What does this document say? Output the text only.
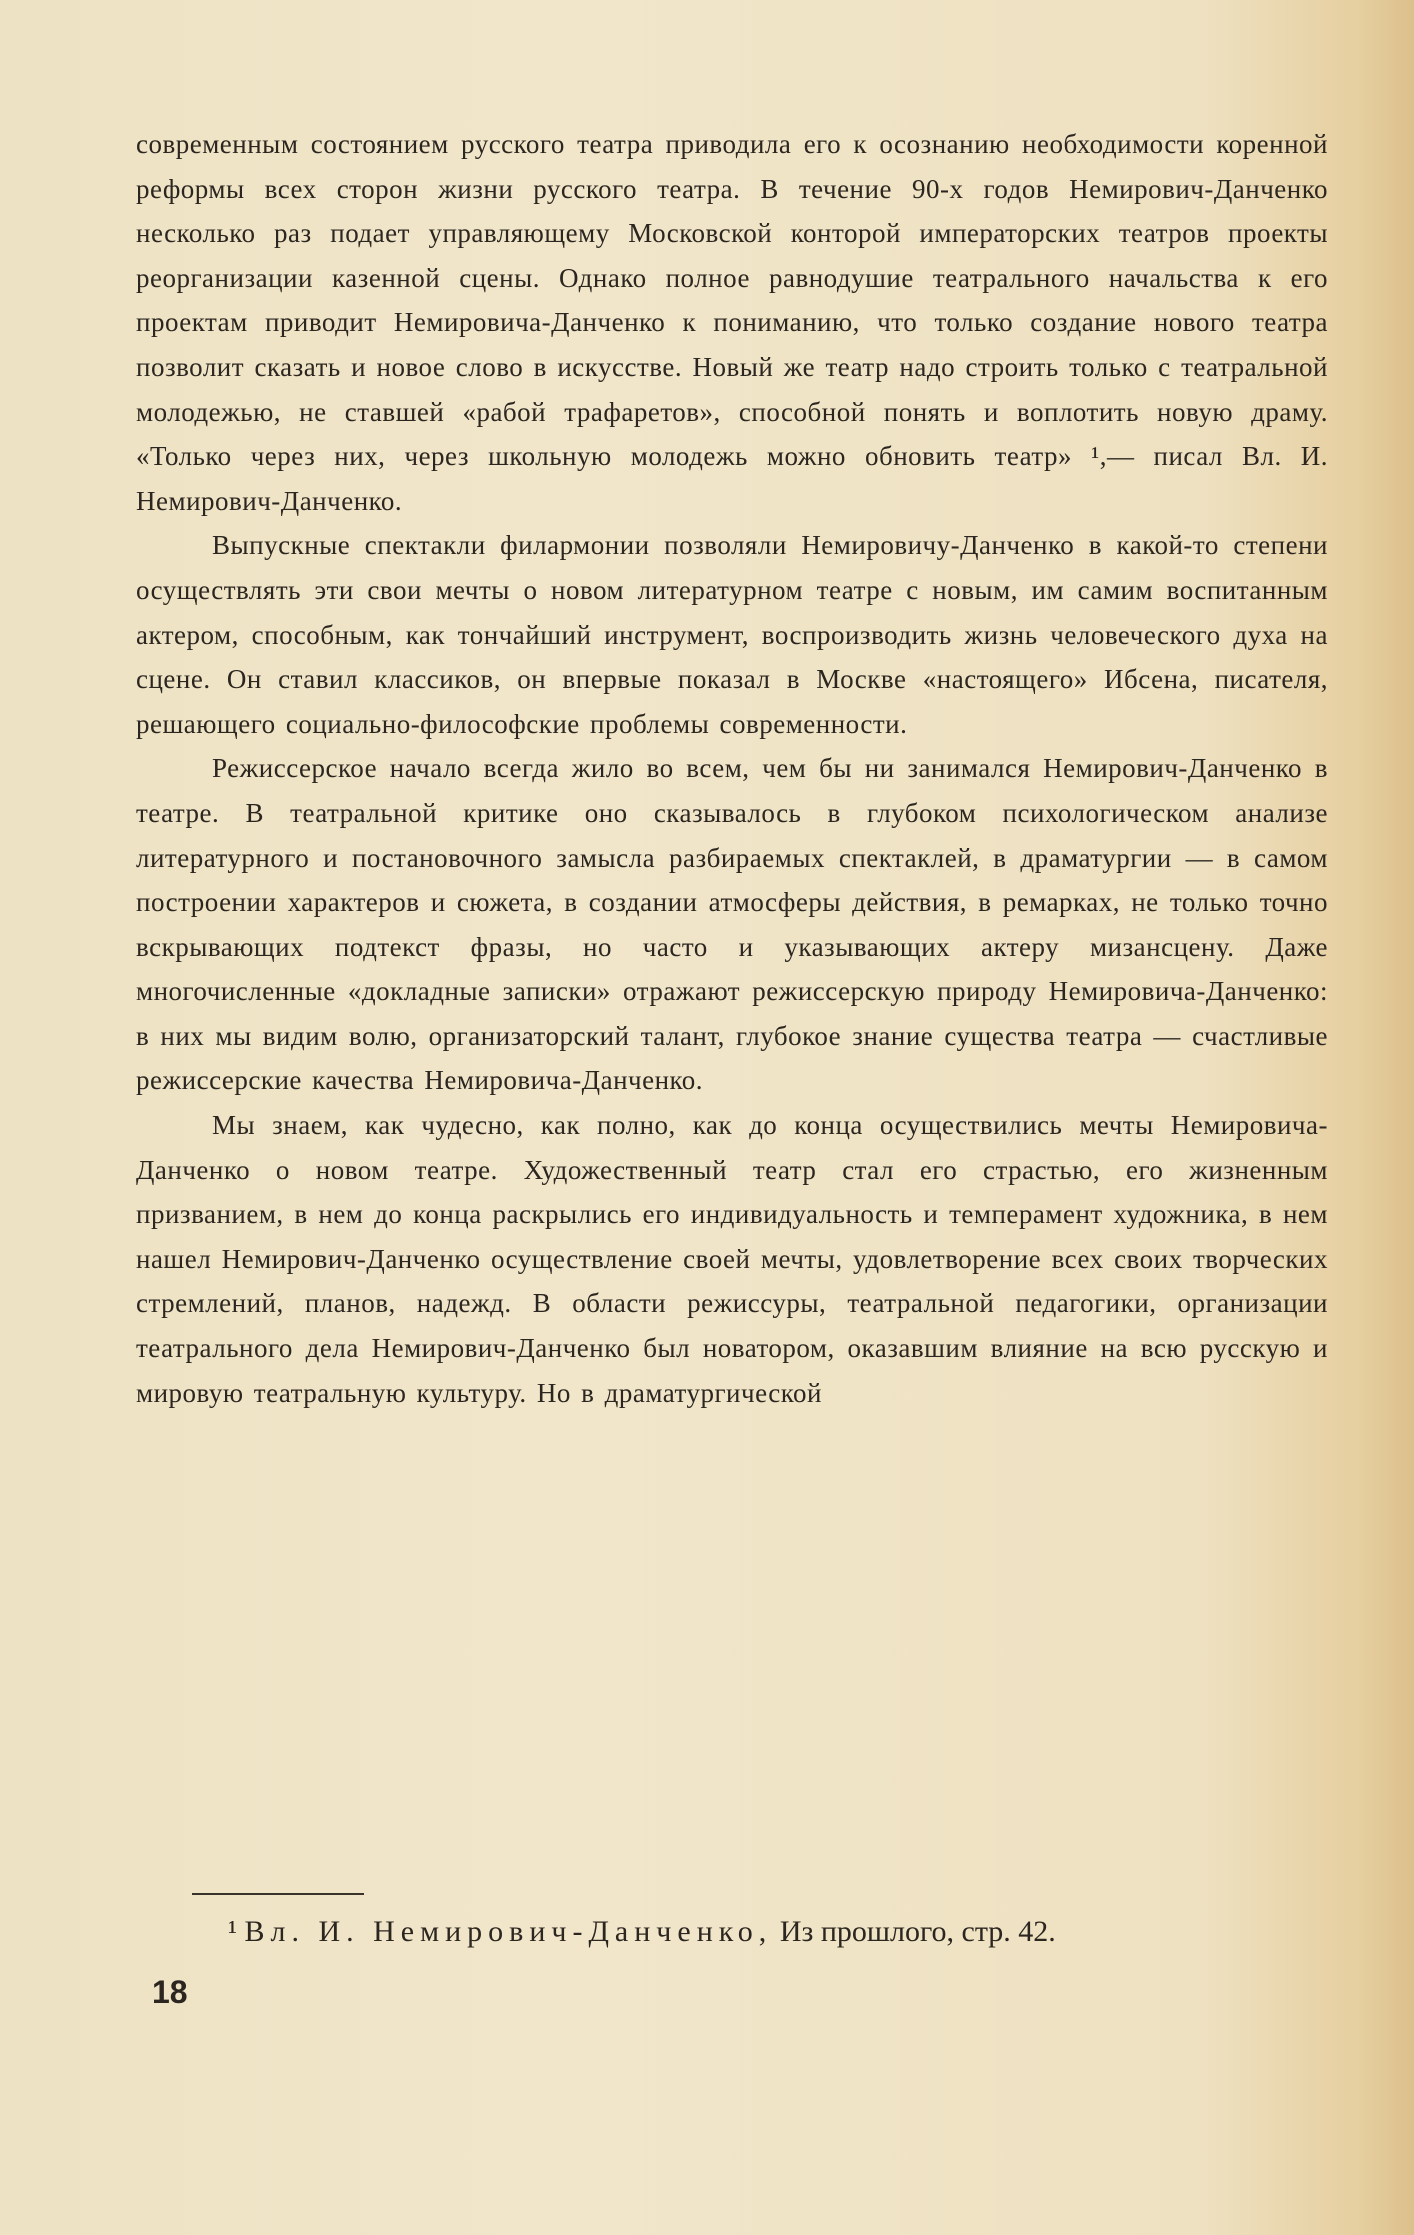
современным состоянием русского театра приводила его к осознанию необходимости коренной реформы всех сторон жизни русского театра. В течение 90-х годов Немирович-Данченко несколько раз подает управляющему Московской конторой императорских театров проекты реорганизации казенной сцены. Однако полное равнодушие театрального начальства к его проектам приводит Немировича-Данченко к пониманию, что только создание нового театра позволит сказать и новое слово в искусстве. Новый же театр надо строить только с театральной молодежью, не ставшей «рабой трафаретов», способной понять и воплотить новую драму. «Только через них, через школьную молодежь можно обновить театр» ¹,— писал Вл. И. Немирович-Данченко.

Выпускные спектакли филармонии позволяли Немировичу-Данченко в какой-то степени осуществлять эти свои мечты о новом литературном театре с новым, им самим воспитанным актером, способным, как тончайший инструмент, воспроизводить жизнь человеческого духа на сцене. Он ставил классиков, он впервые показал в Москве «настоящего» Ибсена, писателя, решающего социально-философские проблемы современности.

Режиссерское начало всегда жило во всем, чем бы ни занимался Немирович-Данченко в театре. В театральной критике оно сказывалось в глубоком психологическом анализе литературного и постановочного замысла разбираемых спектаклей, в драматургии — в самом построении характеров и сюжета, в создании атмосферы действия, в ремарках, не только точно вскрывающих подтекст фразы, но часто и указывающих актеру мизансцену. Даже многочисленные «докладные записки» отражают режиссерскую природу Немировича-Данченко: в них мы видим волю, организаторский талант, глубокое знание существа театра — счастливые режиссерские качества Немировича-Данченко.

Мы знаем, как чудесно, как полно, как до конца осуществились мечты Немировича-Данченко о новом театре. Художественный театр стал его страстью, его жизненным призванием, в нем до конца раскрылись его индивидуальность и темперамент художника, в нем нашел Немирович-Данченко осуществление своей мечты, удовлетворение всех своих творческих стремлений, планов, надежд. В области режиссуры, театральной педагогики, организации театрального дела Немирович-Данченко был новатором, оказавшим влияние на всю русскую и мировую театральную культуру. Но в драматургической

¹ Вл. И. Немирович-Данченко, Из прошлого, стр. 42.
18
